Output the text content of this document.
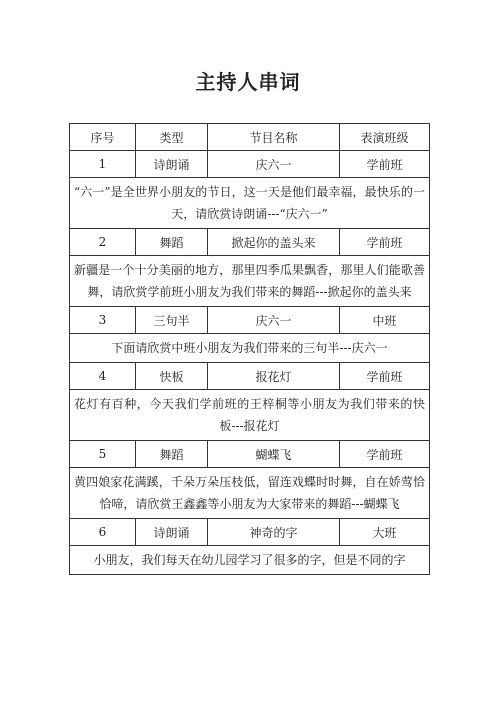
主持人串词
序号	类型	节目名称	表演班级
1	诗朗诵	庆六一	学前班
“六一”是全世界小朋友的节日，这一天是他们最幸福，最快乐的一天，请欣赏诗朗诵---“庆六一”			
2	舞蹈	掀起你的盖头来	学前班
新疆是一个十分美丽的地方，那里四季瓜果飘香，那里人们能歌善舞，请欣赏学前班小朋友为我们带来的舞蹈---掀起你的盖头来			
3	三句半	庆六一	中班
下面请欣赏中班小朋友为我们带来的三句半---庆六一			
4	快板	报花灯	学前班
花灯有百种，今天我们学前班的王梓桐等小朋友为我们带来的快板---报花灯			
5	舞蹈	蝴蝶飞	学前班
黄四娘家花满蹊，千朵万朵压枝低，留连戏蝶时时舞，自在娇莺恰恰啼，请欣赏王鑫鑫等小朋友为大家带来的舞蹈---蝴蝶飞			
6	诗朗诵	神奇的字	大班
小朋友，我们每天在幼儿园学习了很多的字，但是不同的字			
